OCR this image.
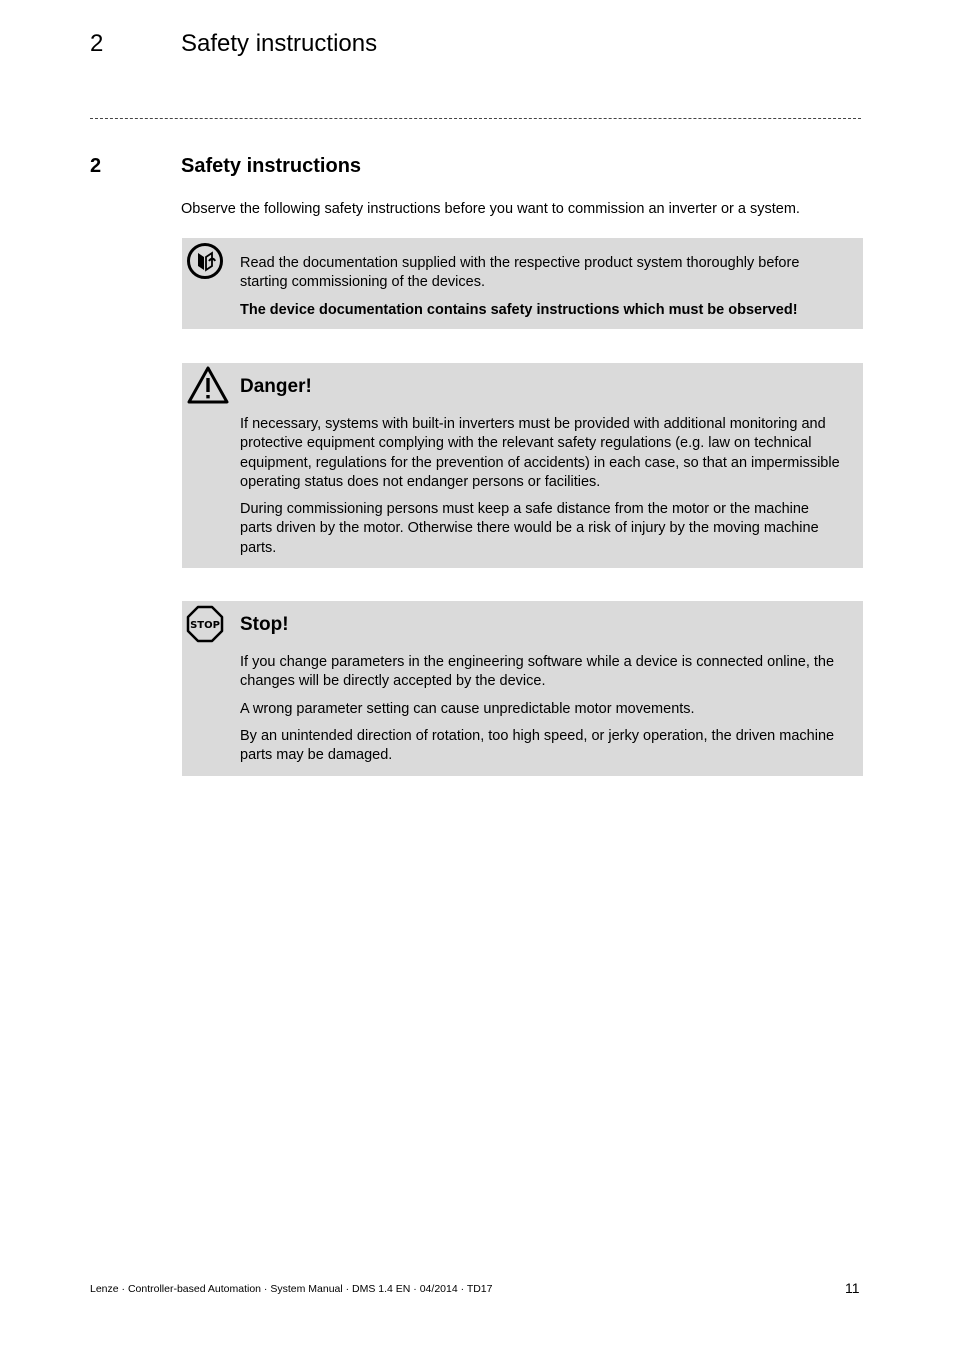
2	Safety instructions
2	Safety instructions
Observe the following safety instructions before you want to commission an inverter or a system.

Read the documentation supplied with the respective product system thoroughly before starting commissioning of the devices.

The device documentation contains safety instructions which must be observed!

Danger!

If necessary, systems with built-in inverters must be provided with additional monitoring and protective equipment complying with the relevant safety regulations (e.g. law on technical equipment, regulations for the prevention of accidents) in each case, so that an impermissible operating status does not endanger persons or facilities.

During commissioning persons must keep a safe distance from the motor or the machine parts driven by the motor. Otherwise there would be a risk of injury by the moving machine parts.

STOP Stop!

If you change parameters in the engineering software while a device is connected online, the changes will be directly accepted by the device.

A wrong parameter setting can cause unpredictable motor movements.

By an unintended direction of rotation, too high speed, or jerky operation, the driven machine parts may be damaged.

Lenze · Controller-based Automation · System Manual · DMS 1.4 EN · 04/2014 · TD17	11
